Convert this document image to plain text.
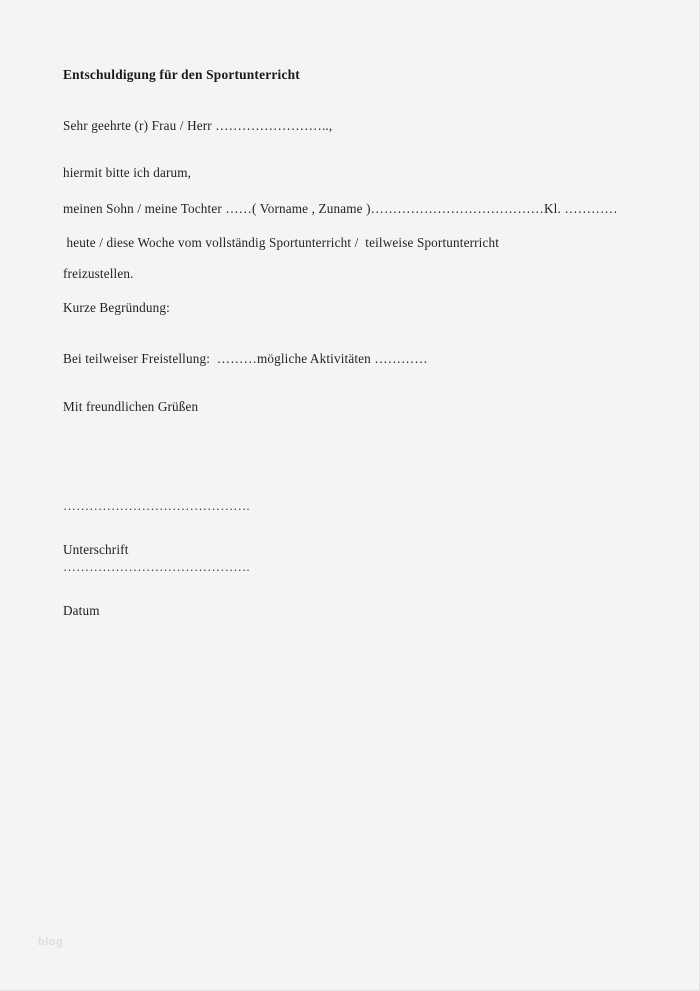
Entschuldigung für den Sportunterricht
Sehr geehrte (r) Frau / Herr ……………………..,
hiermit bitte ich darum,
meinen Sohn / meine Tochter ……( Vorname , Zuname )…………………………………Kl. …………
heute / diese Woche vom vollständig Sportunterricht /  teilweise Sportunterricht
freizustellen.
Kurze Begründung:
Bei teilweiser Freistellung:  ………mögliche Aktivitäten …………
Mit freundlichen Grüßen

…………………………………….

Unterschrift

…………………………………….

Datum

blog
